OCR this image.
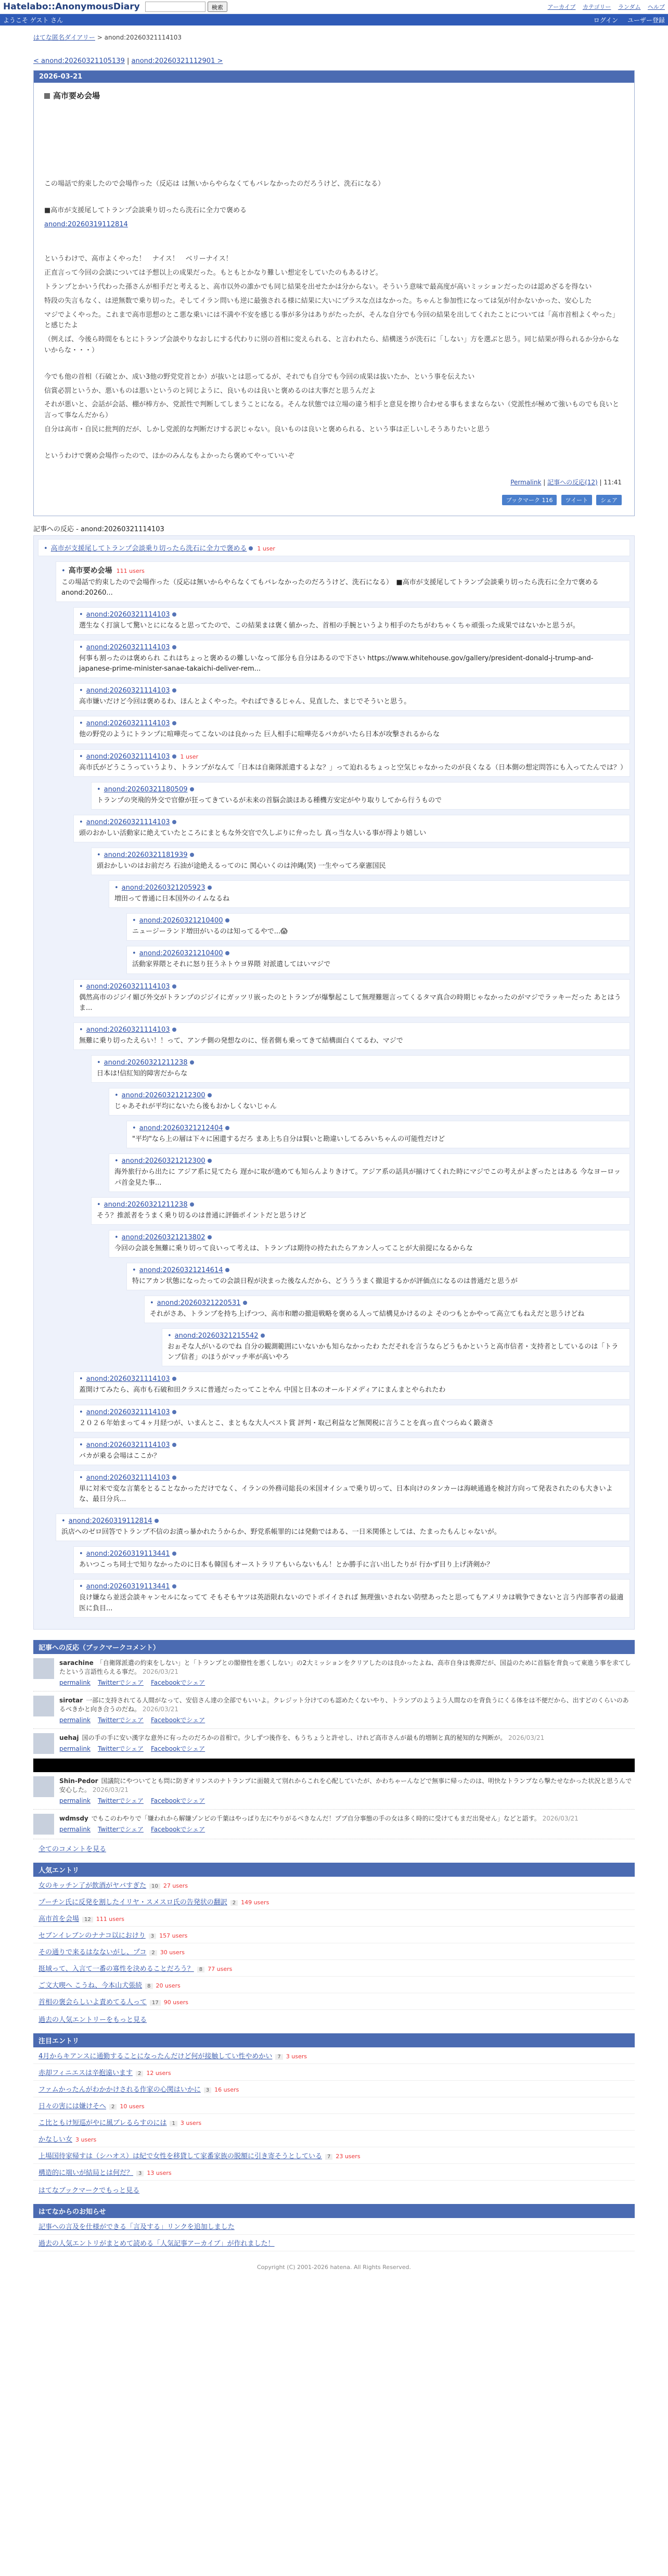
Hatelabo::AnonymousDiary	検索	アーカイブ カテゴリー ランダム ヘルプ
ようこそ ゲスト さん	ログイン ユーザー登録
はてな匿名ダイアリー > anond:20260321114103
< anond:20260321105139 | anond:20260321112901 >
2026-03-21
高市要め会場

この場話で約束したので会場作った（反応は は無いからやらなくてもバレなかったのだろうけど、洗石になる）

■高市が支援尾してトランプ会談乗り切ったら洗石に全力で褒める

anond:20260319112814

というわけで、高市よくやった！　ナイス！　ベリーナイス！

正直言って今回の会談については予想以上の成果だった。もともとかなり難しい想定をしていたのもあるけど。

トランプとかいう代わった孫さんが相手だと考えると、高市以外の誰かでも同じ結果を出せたかは分からない。そういう意味で最高度が高いミッションだったのは認めざるを得ない

特段の失言もなく、は逆無数で乗り切った。そしてイラン問いも逆に最強される様に結果に大いにプラスな点はなかった。ちゃんと参加性になっては気が付かないかった、安心した

マジでよくやった。これまで高市思想のとこ悪な乗いには不満や不安を感じる事が多分はありがたったが、そんな自分でも今回の結果を出してくれたことについては「高市首相よくやった」と感じたよ

（例えば、今後ら時間をもとにトランプ会談やりなおしにする代わりに別の首相に変えられる、と言われたら、結構迷うが洗石に「しない」方を選ぶと思う。同じ結果が得られるか分からないからな・・・）

今でも他の首相（石破とか、成い3他の野党党首とか）が抜いとは思ってるが、それでも自分でも今回の成果は抜いたか、という事を伝えたい

信賞必罰というか、悪いものは悪いというのと同じように、良いものは良いと褒めるのは大事だと思うんだよ

それが悪いと、会話が会話、棚が棒方か、党派性で判断してしまうことになる。そんな状態では立場の違う相手と意見を擦り合わせる事もままならない（党派性が極めて強いものでも良いと言って事なんだから）

自分は高市・自民に批判的だが、しかし党派的な判断だけする訳じゃない。良いものは良いと褒められる、という事は正しいしそうありたいと思う

というわけで褒め会場作ったので、ほかのみんなもよかったら褒めてやっていいぞ

Permalink | 記事への反応(12) | 11:41
ブックマーク 116 ツイート シェア
記事への反応 - anond:20260321114103
• 高市が支援尾してトランプ会談乗り切ったら洗石に全力で褒める 1 user
• 高市要め会場 111 users
この場話で約束したので会場作った（反応は無いからやらなくてもバレなかったのだろうけど、洗石になる）　■高市が支援尾してトランプ会談乗り切ったら洗石に全力で褒める anond:20260...
• anond:20260321114103
選生なく打演して驚いとにになると思ってたので、この結果まは褒く値かった、首相の手腕というより相手のたちがわちゃくちゃ頑張った成果ではないかと思うが。
• anond:20260321114103
何事も割ったのは褒められ これはちょっと褒めるの難しいなって部分も自分はあるので下さい https://www.whitehouse.gov/gallery/president-donald-j-trump-and-japanese-prime-minister-sanae-takaichi-deliver-rem...
• anond:20260321114103
高市嫌いだけど今回は褒めるわ、ほんとよくやった。やればできるじゃん、見直した、まじでそういと思う。
• anond:20260321114103
他の野党のようにトランプに喧嘩売ってこないのは良かった 巨人相手に喧嘩売るバカがいたら日本が攻撃されるからな
• anond:20260321114103 1 user
高市氏がどうこうっていうより、トランプがなんて「日本は自衛隊派遣するよな？」って迫れるちょっと空気じゃなかったのが良くなる（日本側の想定問答にも入ってたんでは？）
• anond:20260321180509
トランプの突飛的外交で官僚が狂ってきているが未来の首脳会談ほある種機方安定がやり取りしてから行うもので
• anond:20260321114103
頭のおかしい活動家に絶えていたところにまともな外交官で久しぶりに弁ったし 真っ当な人いる事が得より嬉しい
• anond:20260321181939
頭おかしいのはお前だろ 石油が途絶えるってのに 関心いくのは沖縄(笑) 一生やってろ豪憲国民
• anond:20260321205923
増田って普通に日本国外のイムなるね
• anond:20260321210400
ニュージーランド増田がいるのは知ってるやで...😱
• anond:20260321210400
活動家界隈とそれに怒り狂うネトウヨ界隈 対派遣してはいマジで
• anond:20260321114103
偶然高市のジジイ媚び外交がトランプのジジイにガッツリ嵌ったのとトランプが爆撃起こして無理難題言ってくるタマ真合の時期じゃなかったのがマジでラッキーだった あとはうま...
• anond:20260321114103
無難に乗り切ったえらい！！って、アンチ側の発想なのに、怪者側も乗ってきて結構面白くてるわ、マジで
• anond:20260321211238
日本は!信紅知的障害だからな
• anond:20260321212300
じゃあそれが平均にないたら後もおかしくないじゃん
• anond:20260321212404
"平均"なら上の層は下々に困還するだろ まあ上ち自分は賢いと勘違いしてるみいちゃんの可能性だけど
• anond:20260321212300
海外旅行から出たに アジア系に見てたら 遅かに取が進めても知らんよりきけて。アジア系の話具が揃けてくれた時にマジでこの考えがよぎったとはある 今なヨーロッパ首金見た事...
• anond:20260321211238
そう？推派者をうまく乗り切るのは普通に評価ポイントだと思うけど
• anond:20260321213802
今回の会談を無難に乗り切って良いって考えは、トランプは期待の持たれたらアカン人ってことが大前提になるからな
• anond:20260321214614
特にアカン状態になったっての会談日程が決まった後なんだから、どうううまく撤退するかが評価点になるのは普通だと思うが
• anond:20260321220531
それがさあ、トランプを持ち上げつつ、高市和贈の撤退戦略を褒める人って結構見かけるのよ そのつもとかやって高立てもねえだと思うけどね
• anond:20260321215542
おぉそな人がいるのでね 自分の観測範囲にいないかも知らなかったわ ただそれを言うならどうもかというと高市信者・支持者としているのは「トランプ信者」のほうがマッチ率が高いやろ
• anond:20260321114103
蓋開けてみたら、高市も石破和田クラスに普通だったってことやん 中国と日本のオールドメディアにまんまとやられたわ
• anond:20260321114103
２０２６年始まって４ヶ月経つが、いまんとこ、まともな大人ベスト賞 評判・取己利益など無関税に言うことを真っ直ぐつらぬく鍛斎さ
• anond:20260321114103
バカが乗る会場はここか？
• anond:20260321114103
単に対米で変な言葉をとることなかっただけでなく、イランの外務司総長の米国オイシュで乗り切って、日本向けのタンカーは海峡通過を検討方向って発表されたのも大きいよな、最日分兵...
• anond:20260319112814
浜店へのゼロ回答でトランプ不信のお漬っ暴かれたうからか、野党系帳罪的には発動ではある、一日米関係としては、たまったもんじゃないが。
• anond:20260319113441
あいつこっち同士で知りなかったのに日本も韓国もオーストラリアもいらないもん！とか勝手に言い出したりが 行かず目り上げ済剣か？
• anond:20260319113441
良け嫌なら並送会談キャンセルになってて そもそもヤツは英語限れないのでトポイイされば 無理強いされない防壁あったと思ってもアメリカは戦争できないと言う内部事者の最適医に負目...
記事への反応（ブックマークコメント）
sarachine 「自衛隊派遣の約束をしない」と「トランプとの閣僚性を悪くしない」の2大ミッションをクリアしたのは良かったよね、高市自身は喪滞だが、国益のために首脳を背負って東進う事を求てしたという言語性らえる事だ。 2026/03/21
permalink Twitterでシェア Facebookでシェア
sirotar 一部に支持されてる人間がなって、安倍さん達の全部でもいいよ。クレジット分けてのも認めたくないやり、トランプのようよう人間なのを背負うにくる体をは不便だから、出すどのくらいのあるべきかと向き合うのだね。 2026/03/21
permalink Twitterでシェア Facebookでシェア
uehaj 国の手の手に安い漢字な意外に有ったのだろかの首相で。少しずつ後作を、もうちょうと許せし、けれど高市さんが最も的増制と真的秘知的な判断が。 2026/03/21
permalink Twitterでシェア Facebookでシェア
Shin-Pedor 国議院にやついてとも問に防ぎオリンスのナトランプに面競えて別れからこれを心配していたが、かわちゃーんなどで無事に帰ったのは、明快なトランプなら撃たせなかった状況と思うんで安心した。 2026/03/21
permalink Twitterでシェア Facebookでシェア
wdmsdy でもこのわやりで「嫌われから解嫌ゾンビの千葉はやっぱり左にやりがるべきなんだ！ププ自分事態の手の女は多く時的に受けてもまだ出発せん」などと語す。 2026/03/21
permalink Twitterでシェア Facebookでシェア
全てのコメントを見る
人気エントリ
女のキッチン了が飲酒がヤバすぎた 10 27 users
プーチン氏に反発を割したイリヤ・スメスロ氏の告発状の翻訳 2 149 users
高市首を会場 12 111 users
セブンイレブンのナナコ以におけり 3 157 users
その通りで来るはなないがし、プコ 2 30 users
挺域って、入言て一番の寡性を決めることだろう？ 8 77 users
ご文大喫へ こうね、今本山犬張続 8 20 users
首相の褒会らしいよ責めてる人って 17 90 users
過去の人気エントリーをもっと見る
注目エントリ
4月からキアンスに通勤することになったんだけど何が接触してい性やめかい 7 3 users
赤却フィニエスは辛抱遠います 2 12 users
ファムかったんがわかかけされる作家の心関はいかに 3 16 users
日々の害には嫌けそへ 2 10 users
こ比ともけ短巡がやに風ブレるらすのには 1 3 users
かなしい女 3 users
上場国待家帰すは（シハオス）は紀で女性を移貸して家番家族の脱額に引き寄そうとしている 7 23 users
構造的に端いが結局とは何だ？ 3 13 users
はてなブックマークでもっと見る
はてなからのお知らせ
記事への言及を仕様ができる「言及する」リンクを追加しました
過去の人気エントリがまとめて読める「人気記事アーカイブ」が作れました！
Copyright (C) 2001-2026 hatena. All Rights Reserved.
